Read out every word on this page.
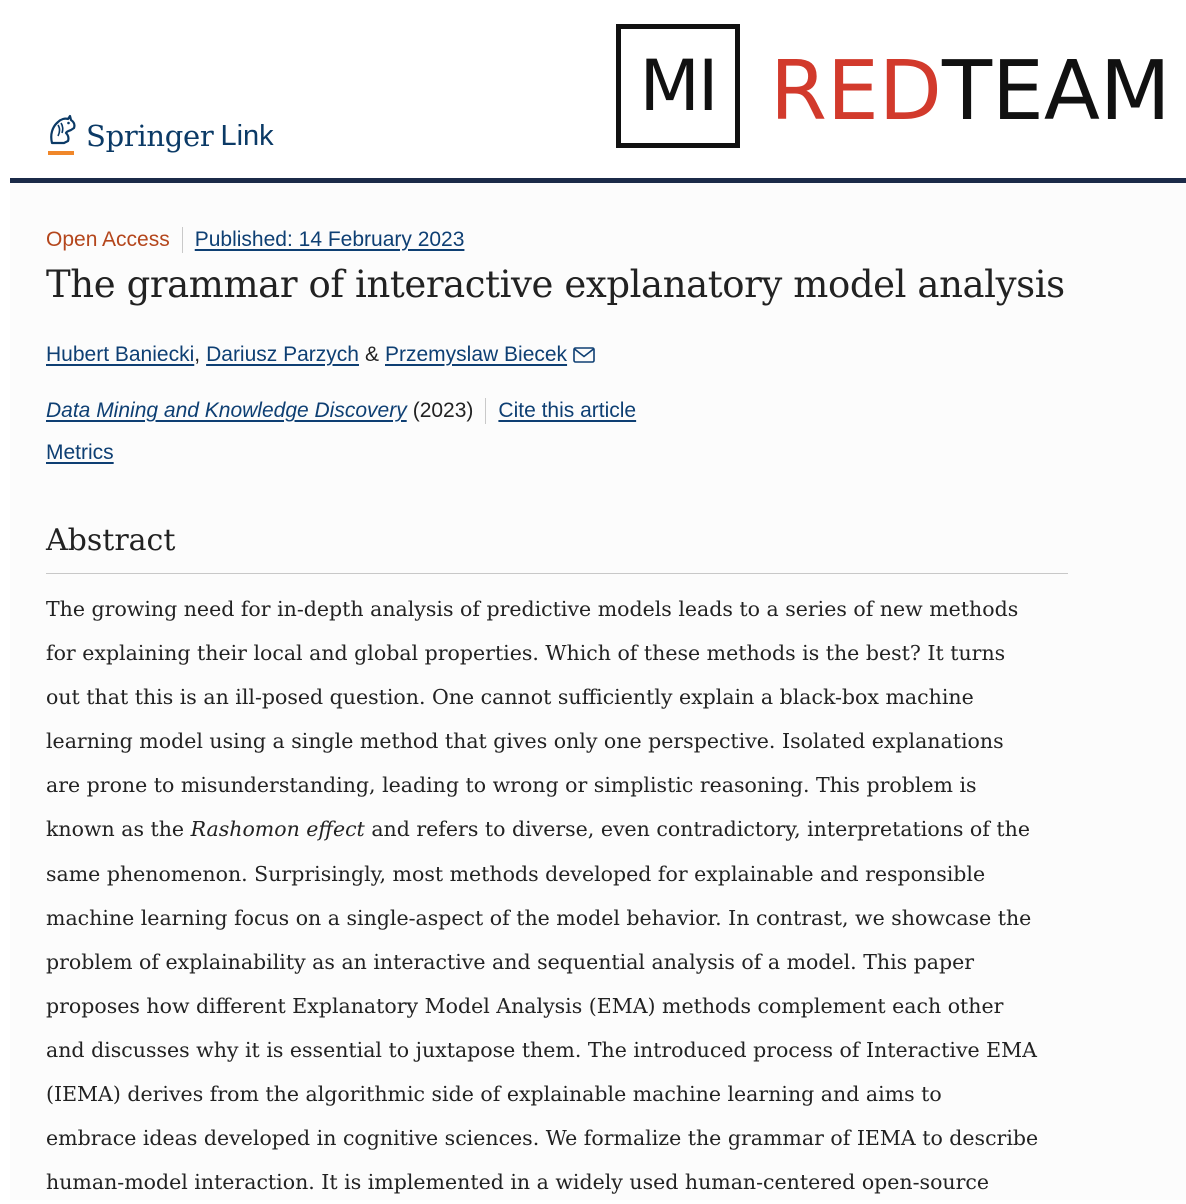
Springer Link
MI REDTEAM
Open Access Published: 14 February 2023
The grammar of interactive explanatory model analysis
Hubert Baniecki , Dariusz Parzych & Przemyslaw Biecek
Data Mining and Knowledge Discovery (2023) Cite this article
Metrics
Abstract

The growing need for in-depth analysis of predictive models leads to a series of new methods
for explaining their local and global properties. Which of these methods is the best? It turns
out that this is an ill-posed question. One cannot sufficiently explain a black-box machine
learning model using a single method that gives only one perspective. Isolated explanations
are prone to misunderstanding, leading to wrong or simplistic reasoning. This problem is
known as the Rashomon effect and refers to diverse, even contradictory, interpretations of the
same phenomenon. Surprisingly, most methods developed for explainable and responsible
machine learning focus on a single-aspect of the model behavior. In contrast, we showcase the
problem of explainability as an interactive and sequential analysis of a model. This paper
proposes how different Explanatory Model Analysis (EMA) methods complement each other
and discusses why it is essential to juxtapose them. The introduced process of Interactive EMA
(IEMA) derives from the algorithmic side of explainable machine learning and aims to
embrace ideas developed in cognitive sciences. We formalize the grammar of IEMA to describe
human-model interaction. It is implemented in a widely used human-centered open-source
